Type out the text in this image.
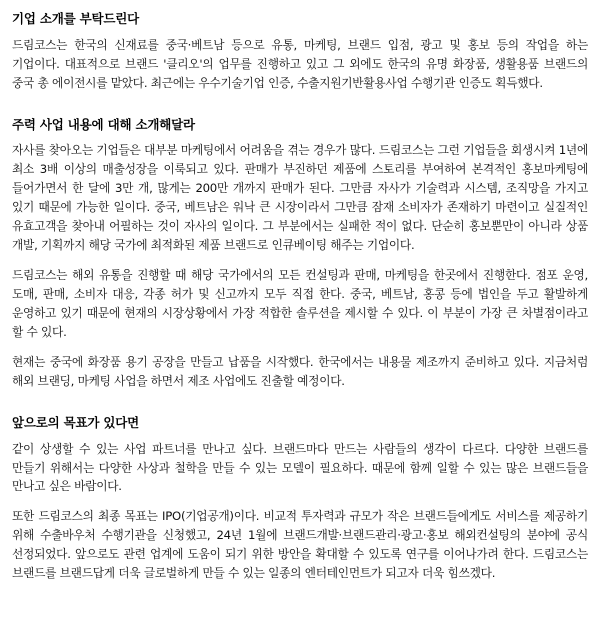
기업 소개를 부탁드린다

드림코스는 한국의 신재료를 중국·베트남 등으로 유통, 마케팅, 브랜드 입점, 광고 및 홍보 등의 작업을 하는 기업이다. 대표적으로 브랜드 '클리오'의 업무를 진행하고 있고 그 외에도 한국의 유명 화장품, 생활용품 브랜드의 중국 총 에이전시를 맡았다. 최근에는 우수기술기업 인증, 수출지원기반활용사업 수행기관 인증도 획득했다.

주력 사업 내용에 대해 소개해달라

자사를 찾아오는 기업들은 대부분 마케팅에서 어려움을 겪는 경우가 많다. 드림코스는 그런 기업들을 회생시켜 1년에 최소 3배 이상의 매출성장을 이룩되고 있다. 판매가 부진하던 제품에 스토리를 부여하여 본격적인 홍보마케팅에 들어가면서 한 달에 3만 개, 많게는 200만 개까지 판매가 된다. 그만큼 자사가 기술력과 시스템, 조직망을 가지고 있기 때문에 가능한 일이다. 중국, 베트남은 워낙 큰 시장이라서 그만큼 잠재 소비자가 존재하기 마련이고 실질적인 유효고객을 찾아내 어필하는 것이 자사의 일이다. 그 부분에서는 실패한 적이 없다. 단순히 홍보뿐만이 아니라 상품 개발, 기획까지 해당 국가에 최적화된 제품 브랜드로 인큐베이팅 해주는 기업이다.

드림코스는 해외 유통을 진행할 때 해당 국가에서의 모든 컨설팅과 판매, 마케팅을 한곳에서 진행한다. 점포 운영, 도매, 판매, 소비자 대응, 각종 허가 및 신고까지 모두 직접 한다. 중국, 베트남, 홍콩 등에 법인을 두고 활발하게 운영하고 있기 때문에 현재의 시장상황에서 가장 적합한 솔루션을 제시할 수 있다. 이 부분이 가장 큰 차별점이라고 할 수 있다.

현재는 중국에 화장품 용기 공장을 만들고 납품을 시작했다. 한국에서는 내용물 제조까지 준비하고 있다. 지금처럼 해외 브랜딩, 마케팅 사업을 하면서 제조 사업에도 진출할 예정이다.

앞으로의 목표가 있다면

같이 상생할 수 있는 사업 파트너를 만나고 싶다. 브랜드마다 만드는 사람들의 생각이 다르다. 다양한 브랜드를 만들기 위해서는 다양한 사상과 철학을 만들 수 있는 모델이 필요하다. 때문에 함께 일할 수 있는 많은 브랜드들을 만나고 싶은 바람이다.

또한 드림코스의 최종 목표는 IPO(기업공개)이다. 비교적 투자력과 규모가 작은 브랜드들에게도 서비스를 제공하기 위해 수출바우처 수행기관을 신청했고, 24년 1월에 브랜드개발·브랜드관리·광고·홍보 해외컨설팅의 분야에 공식 선정되었다. 앞으로도 관련 업계에 도움이 되기 위한 방안을 확대할 수 있도록 연구를 이어나가려 한다. 드림코스는 브랜드를 브랜드답게 더욱 글로벌하게 만들 수 있는 일종의 엔터테인먼트가 되고자 더욱 힘쓰겠다.
